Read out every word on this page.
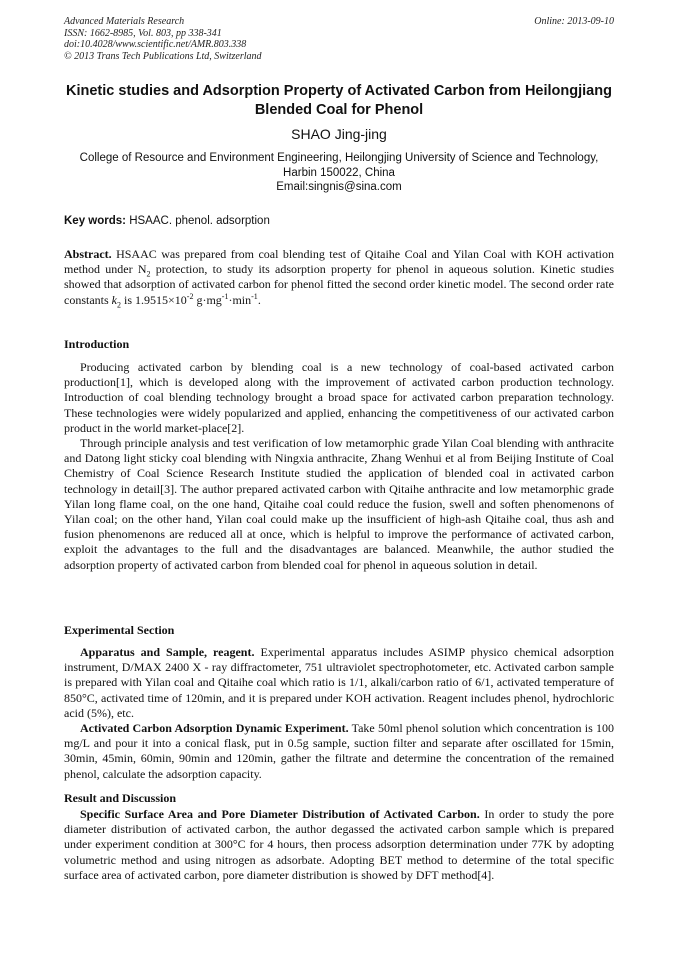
Advanced Materials Research
ISSN: 1662-8985, Vol. 803, pp 338-341
doi:10.4028/www.scientific.net/AMR.803.338
© 2013 Trans Tech Publications Ltd, Switzerland
Online: 2013-09-10
Kinetic studies and Adsorption Property of Activated Carbon from Heilongjiang Blended Coal for Phenol
SHAO Jing-jing
College of Resource and Environment Engineering, Heilongjing University of Science and Technology, Harbin 150022, China
Email:singnis@sina.com
Key words: HSAAC. phenol. adsorption

Abstract. HSAAC was prepared from coal blending test of Qitaihe Coal and Yilan Coal with KOH activation method under $N_2$ protection, to study its adsorption property for phenol in aqueous solution. Kinetic studies showed that adsorption of activated carbon for phenol fitted the second order kinetic model. The second order rate constants $k_2$ is $1.9515\times 10^{-2}$ $g\cdot mg^{-1}\cdot\min^{-1}$.

Introduction

Producing activated carbon by blending coal is a new technology of coal-based activated carbon production[1], which is developed along with the improvement of activated carbon production technology. Introduction of coal blending technology brought a broad space for activated carbon preparation technology. These technologies were widely popularized and applied, enhancing the competitiveness of our activated carbon product in the world market-place[2].

Through principle analysis and test verification of low metamorphic grade Yilan Coal blending with anthracite and Datong light sticky coal blending with Ningxia anthracite, Zhang Wenhui et al from Beijing Institute of Coal Chemistry of Coal Science Research Institute studied the application of blended coal in activated carbon technology in detail[3]. The author prepared activated carbon with Qitaihe anthracite and low metamorphic grade Yilan long flame coal, on the one hand, Qitaihe coal could reduce the fusion, swell and soften phenomenons of Yilan coal; on the other hand, Yilan coal could make up the insufficient of high-ash Qitaihe coal, thus ash and fusion phenomenons are reduced all at once, which is helpful to improve the performance of activated carbon, exploit the advantages to the full and the disadvantages are balanced. Meanwhile, the author studied the adsorption property of activated carbon from blended coal for phenol in aqueous solution in detail.

Experimental Section

Apparatus and Sample, reagent. Experimental apparatus includes ASIMP physico chemical adsorption instrument, D/MAX 2400 X - ray diffractometer, 751 ultraviolet spectrophotometer, etc. Activated carbon sample is prepared with Yilan coal and Qitaihe coal which ratio is 1/1, alkali/carbon ratio of 6/1, activated temperature of 850°C, activated time of 120min, and it is prepared under KOH activation. Reagent includes phenol, hydrochloric acid (5%), etc.

Activated Carbon Adsorption Dynamic Experiment. Take 50ml phenol solution which concentration is 100 mg/L and pour it into a conical flask, put in 0.5g sample, suction filter and separate after oscillated for 15min, 30min, 45min, 60min, 90min and 120min, gather the filtrate and determine the concentration of the remained phenol, calculate the adsorption capacity.

Result and Discussion

Specific Surface Area and Pore Diameter Distribution of Activated Carbon. In order to study the pore diameter distribution of activated carbon, the author degassed the activated carbon sample which is prepared under experiment condition at 300°C for 4 hours, then process adsorption determination under 77K by adopting volumetric method and using nitrogen as adsorbate. Adopting BET method to determine of the total specific surface area of activated carbon, pore diameter distribution is showed by DFT method[4].
